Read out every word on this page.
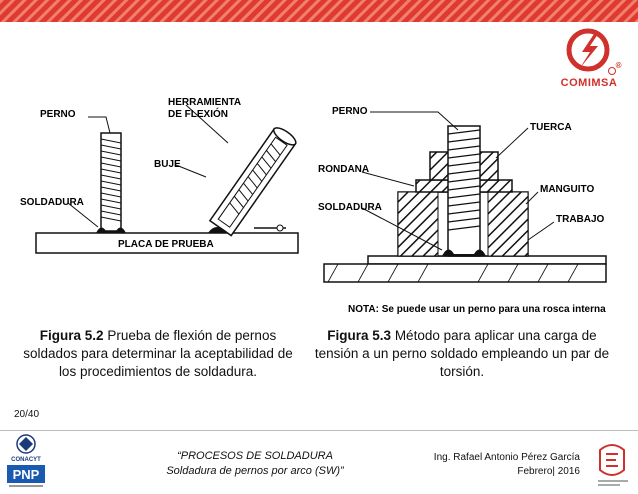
COMIMSA
®
PERNO
HERRAMIENTA
DE FLEXIÓN
BUJE
SOLDADURA
PLACA DE PRUEBA
PERNO
TUERCA
RONDANA
MANGUITO
SOLDADURA
TRABAJO
NOTA: Se puede usar un perno para una rosca interna
Figura 5.2 Prueba de flexión de pernos soldados para determinar la aceptabilidad de los procedimientos de soldadura.
Figura 5.3 Método para aplicar una carga de tensión a un perno soldado empleando un par de torsión.
20/40
CONACYT
PNP
“PROCESOS DE SOLDADURA
Soldadura de pernos por arco (SW)”
Ing. Rafael Antonio Pérez García
Febrero| 2016
